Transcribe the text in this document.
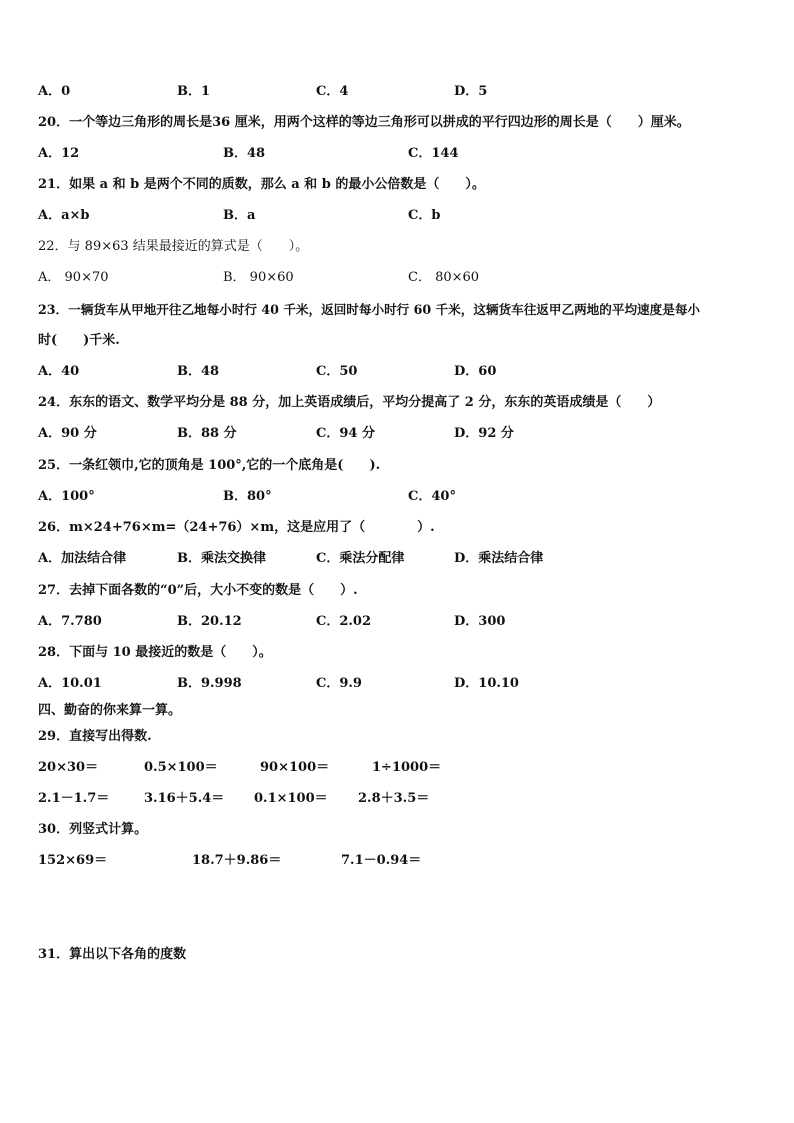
A．0	B．1	C．4	D．5
20．一个等边三角形的周长是36 厘米，用两个这样的等边三角形可以拼成的平行四边形的周长是（　　）厘米。
A．12	B．48	C．144
21．如果 a 和 b 是两个不同的质数，那么 a 和 b 的最小公倍数是（　　）。
A．a×b	B．a	C．b
22．与 89×63 结果最接近的算式是（　　）。
A． 90×70	B． 90×60	C． 80×60
23．一辆货车从甲地开往乙地每小时行 40 千米，返回时每小时行 60 千米，这辆货车往返甲乙两地的平均速度是每小
时(　　)千米.
A．40	B．48	C．50	D．60
24．东东的语文、数学平均分是 88 分，加上英语成绩后，平均分提高了 2 分，东东的英语成绩是（　　）
A．90 分	B．88 分	C．94 分	D．92 分
25．一条红领巾,它的顶角是 100°,它的一个底角是(　　).
A．100°	B．80°	C．40°
26．m×24+76×m=（24+76）×m，这是应用了（　　　　）.
A．加法结合律	B．乘法交换律	C．乘法分配律	D．乘法结合律
27．去掉下面各数的“0”后，大小不变的数是（　　）.
A．7.780	B．20.12	C．2.02	D．300
28．下面与 10 最接近的数是（　　）。
A．10.01	B．9.998	C．9.9	D．10.10
四、勤奋的你来算一算。
29．直接写出得数.
20×30＝	0.5×100＝	90×100＝	1÷1000＝
2.1－1.7＝	3.16＋5.4＝ 0.1×100＝ 2.8＋3.5＝
30．列竖式计算。
152×69＝	18.7＋9.86＝	7.1－0.94＝
31．算出以下各角的度数
